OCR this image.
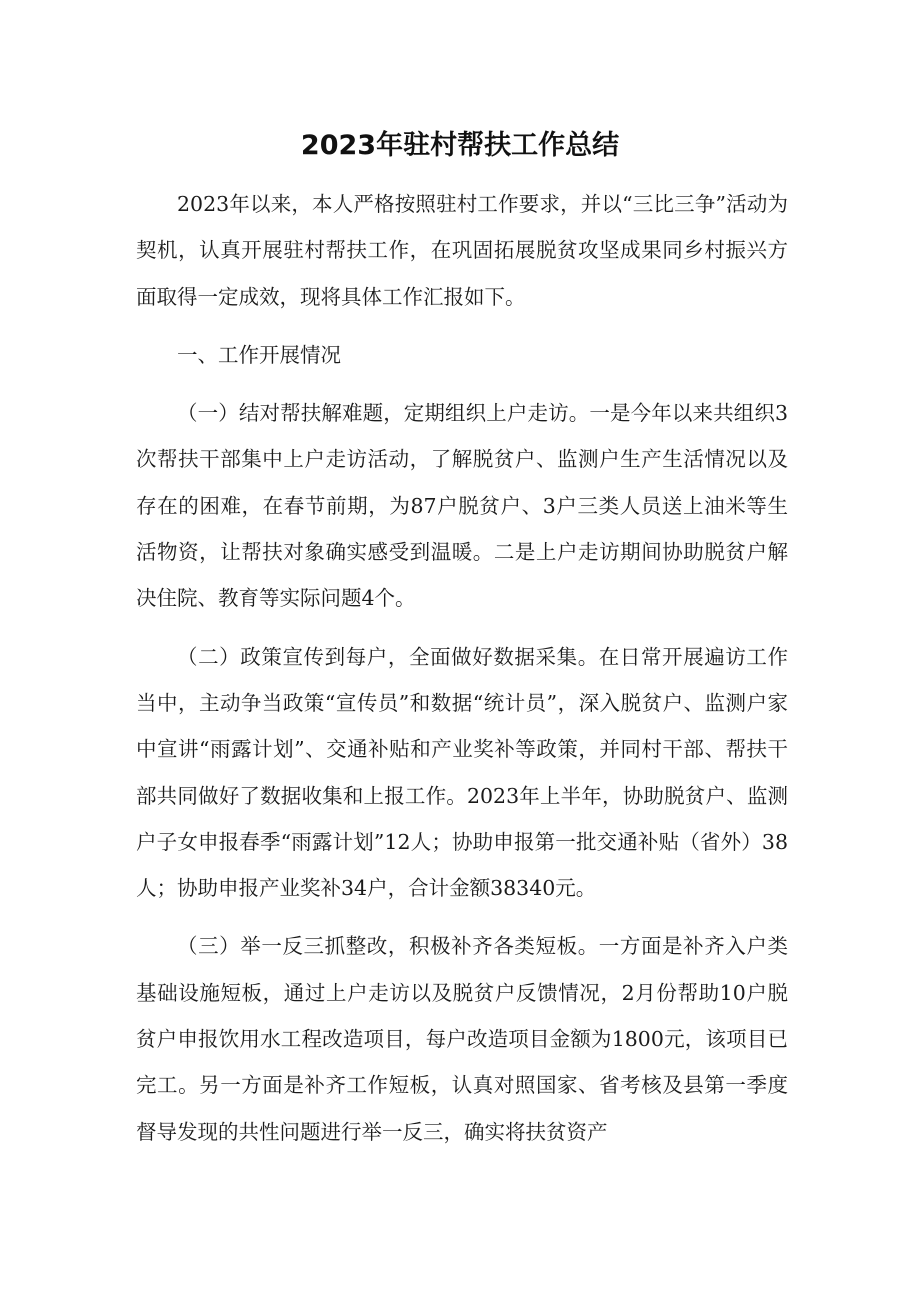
2023年驻村帮扶工作总结

2023年以来，本人严格按照驻村工作要求，并以“三比三争”活动为契机，认真开展驻村帮扶工作，在巩固拓展脱贫攻坚成果同乡村振兴方面取得一定成效，现将具体工作汇报如下。

一、工作开展情况

（一）结对帮扶解难题，定期组织上户走访。一是今年以来共组织3次帮扶干部集中上户走访活动，了解脱贫户、监测户生产生活情况以及存在的困难，在春节前期，为87户脱贫户、3户三类人员送上油米等生活物资，让帮扶对象确实感受到温暖。二是上户走访期间协助脱贫户解决住院、教育等实际问题4个。

（二）政策宣传到每户，全面做好数据采集。在日常开展遍访工作当中，主动争当政策“宣传员”和数据“统计员”，深入脱贫户、监测户家中宣讲“雨露计划”、交通补贴和产业奖补等政策，并同村干部、帮扶干部共同做好了数据收集和上报工作。2023年上半年，协助脱贫户、监测户子女申报春季“雨露计划”12人；协助申报第一批交通补贴（省外）38人；协助申报产业奖补34户，合计金额38340元。

（三）举一反三抓整改，积极补齐各类短板。一方面是补齐入户类基础设施短板，通过上户走访以及脱贫户反馈情况，2月份帮助10户脱贫户申报饮用水工程改造项目，每户改造项目金额为1800元，该项目已完工。另一方面是补齐工作短板，认真对照国家、省考核及县第一季度督导发现的共性问题进行举一反三，确实将扶贫资产
